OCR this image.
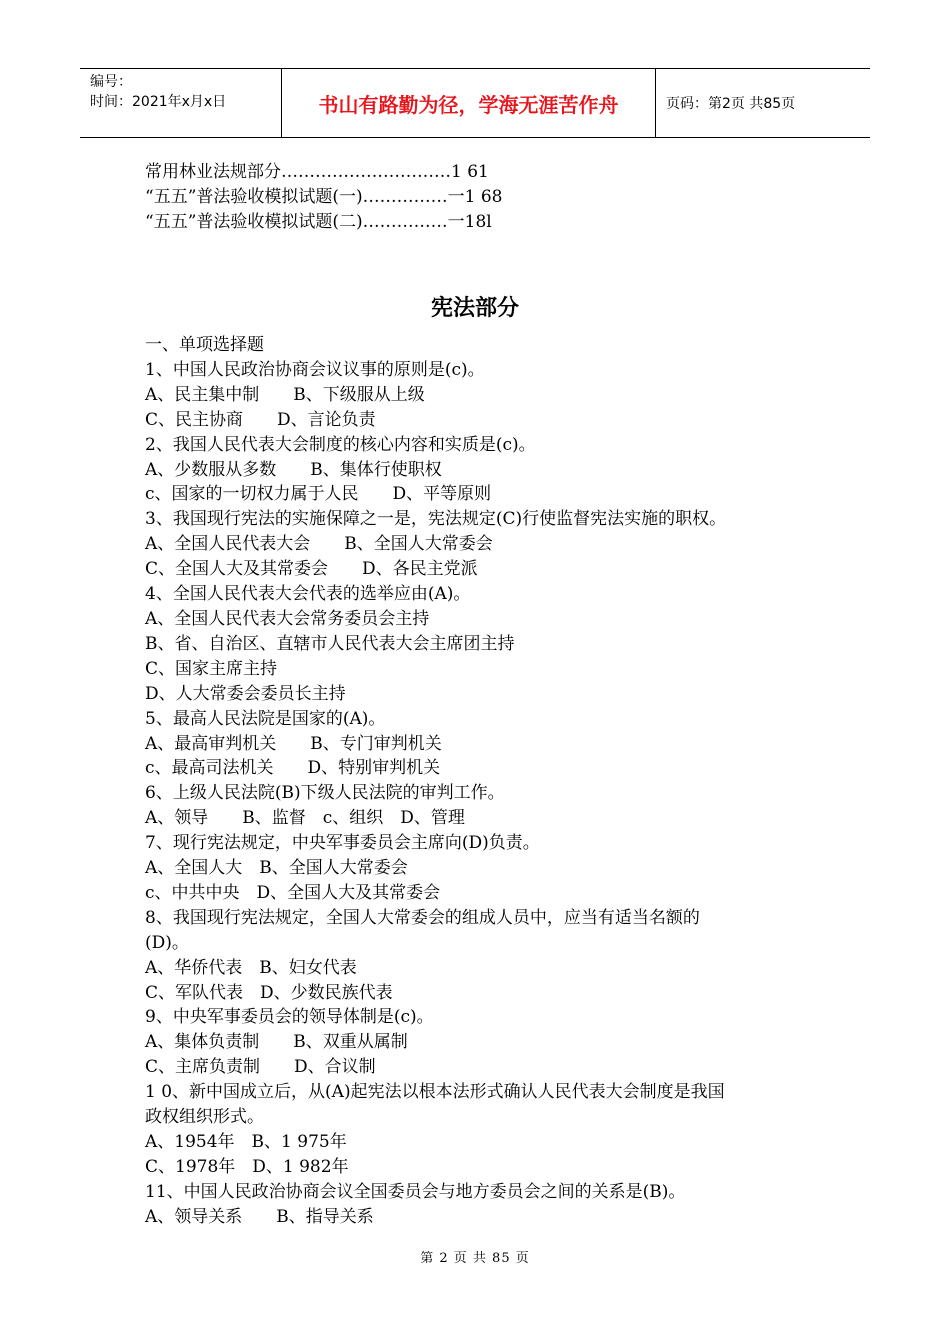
编号：
时间：2021年x月x日	书山有路勤为径，学海无涯苦作舟	页码：第2页 共85页
常用林业法规部分…………………………1 61
“五五”普法验收模拟试题(一)……………一1 68
“五五”普法验收模拟试题(二)……………一18l
宪法部分
一、单项选择题
1、中国人民政治协商会议议事的原则是(c)。
A、民主集中制　　B、下级服从上级
C、民主协商　　D、言论负责
2、我国人民代表大会制度的核心内容和实质是(c)。
A、少数服从多数　　B、集体行使职权
c、国家的一切权力属于人民　　D、平等原则
3、我国现行宪法的实施保障之一是，宪法规定(C)行使监督宪法实施的职权。
A、全国人民代表大会　　B、全国人大常委会
C、全国人大及其常委会　　D、各民主党派
4、全国人民代表大会代表的选举应由(A)。
A、全国人民代表大会常务委员会主持
B、省、自治区、直辖市人民代表大会主席团主持
C、国家主席主持
D、人大常委会委员长主持
5、最高人民法院是国家的(A)。
A、最高审判机关　　B、专门审判机关
c、最高司法机关　　D、特别审判机关
6、上级人民法院(B)下级人民法院的审判工作。
A、领导　　B、监督　c、组织　D、管理
7、现行宪法规定，中央军事委员会主席向(D)负责。
A、全国人大　B、全国人大常委会
c、中共中央　D、全国人大及其常委会
8、我国现行宪法规定，全国人大常委会的组成人员中，应当有适当名额的
(D)。
A、华侨代表　B、妇女代表
C、军队代表　D、少数民族代表
9、中央军事委员会的领导体制是(c)。
A、集体负责制　　B、双重从属制
C、主席负责制　　D、合议制
1 0、新中国成立后，从(A)起宪法以根本法形式确认人民代表大会制度是我国
政权组织形式。
A、1954年　B、1 975年
C、1978年　D、1 982年
11、中国人民政治协商会议全国委员会与地方委员会之间的关系是(B)。
A、领导关系　　B、指导关系
第 2 页 共 85 页
